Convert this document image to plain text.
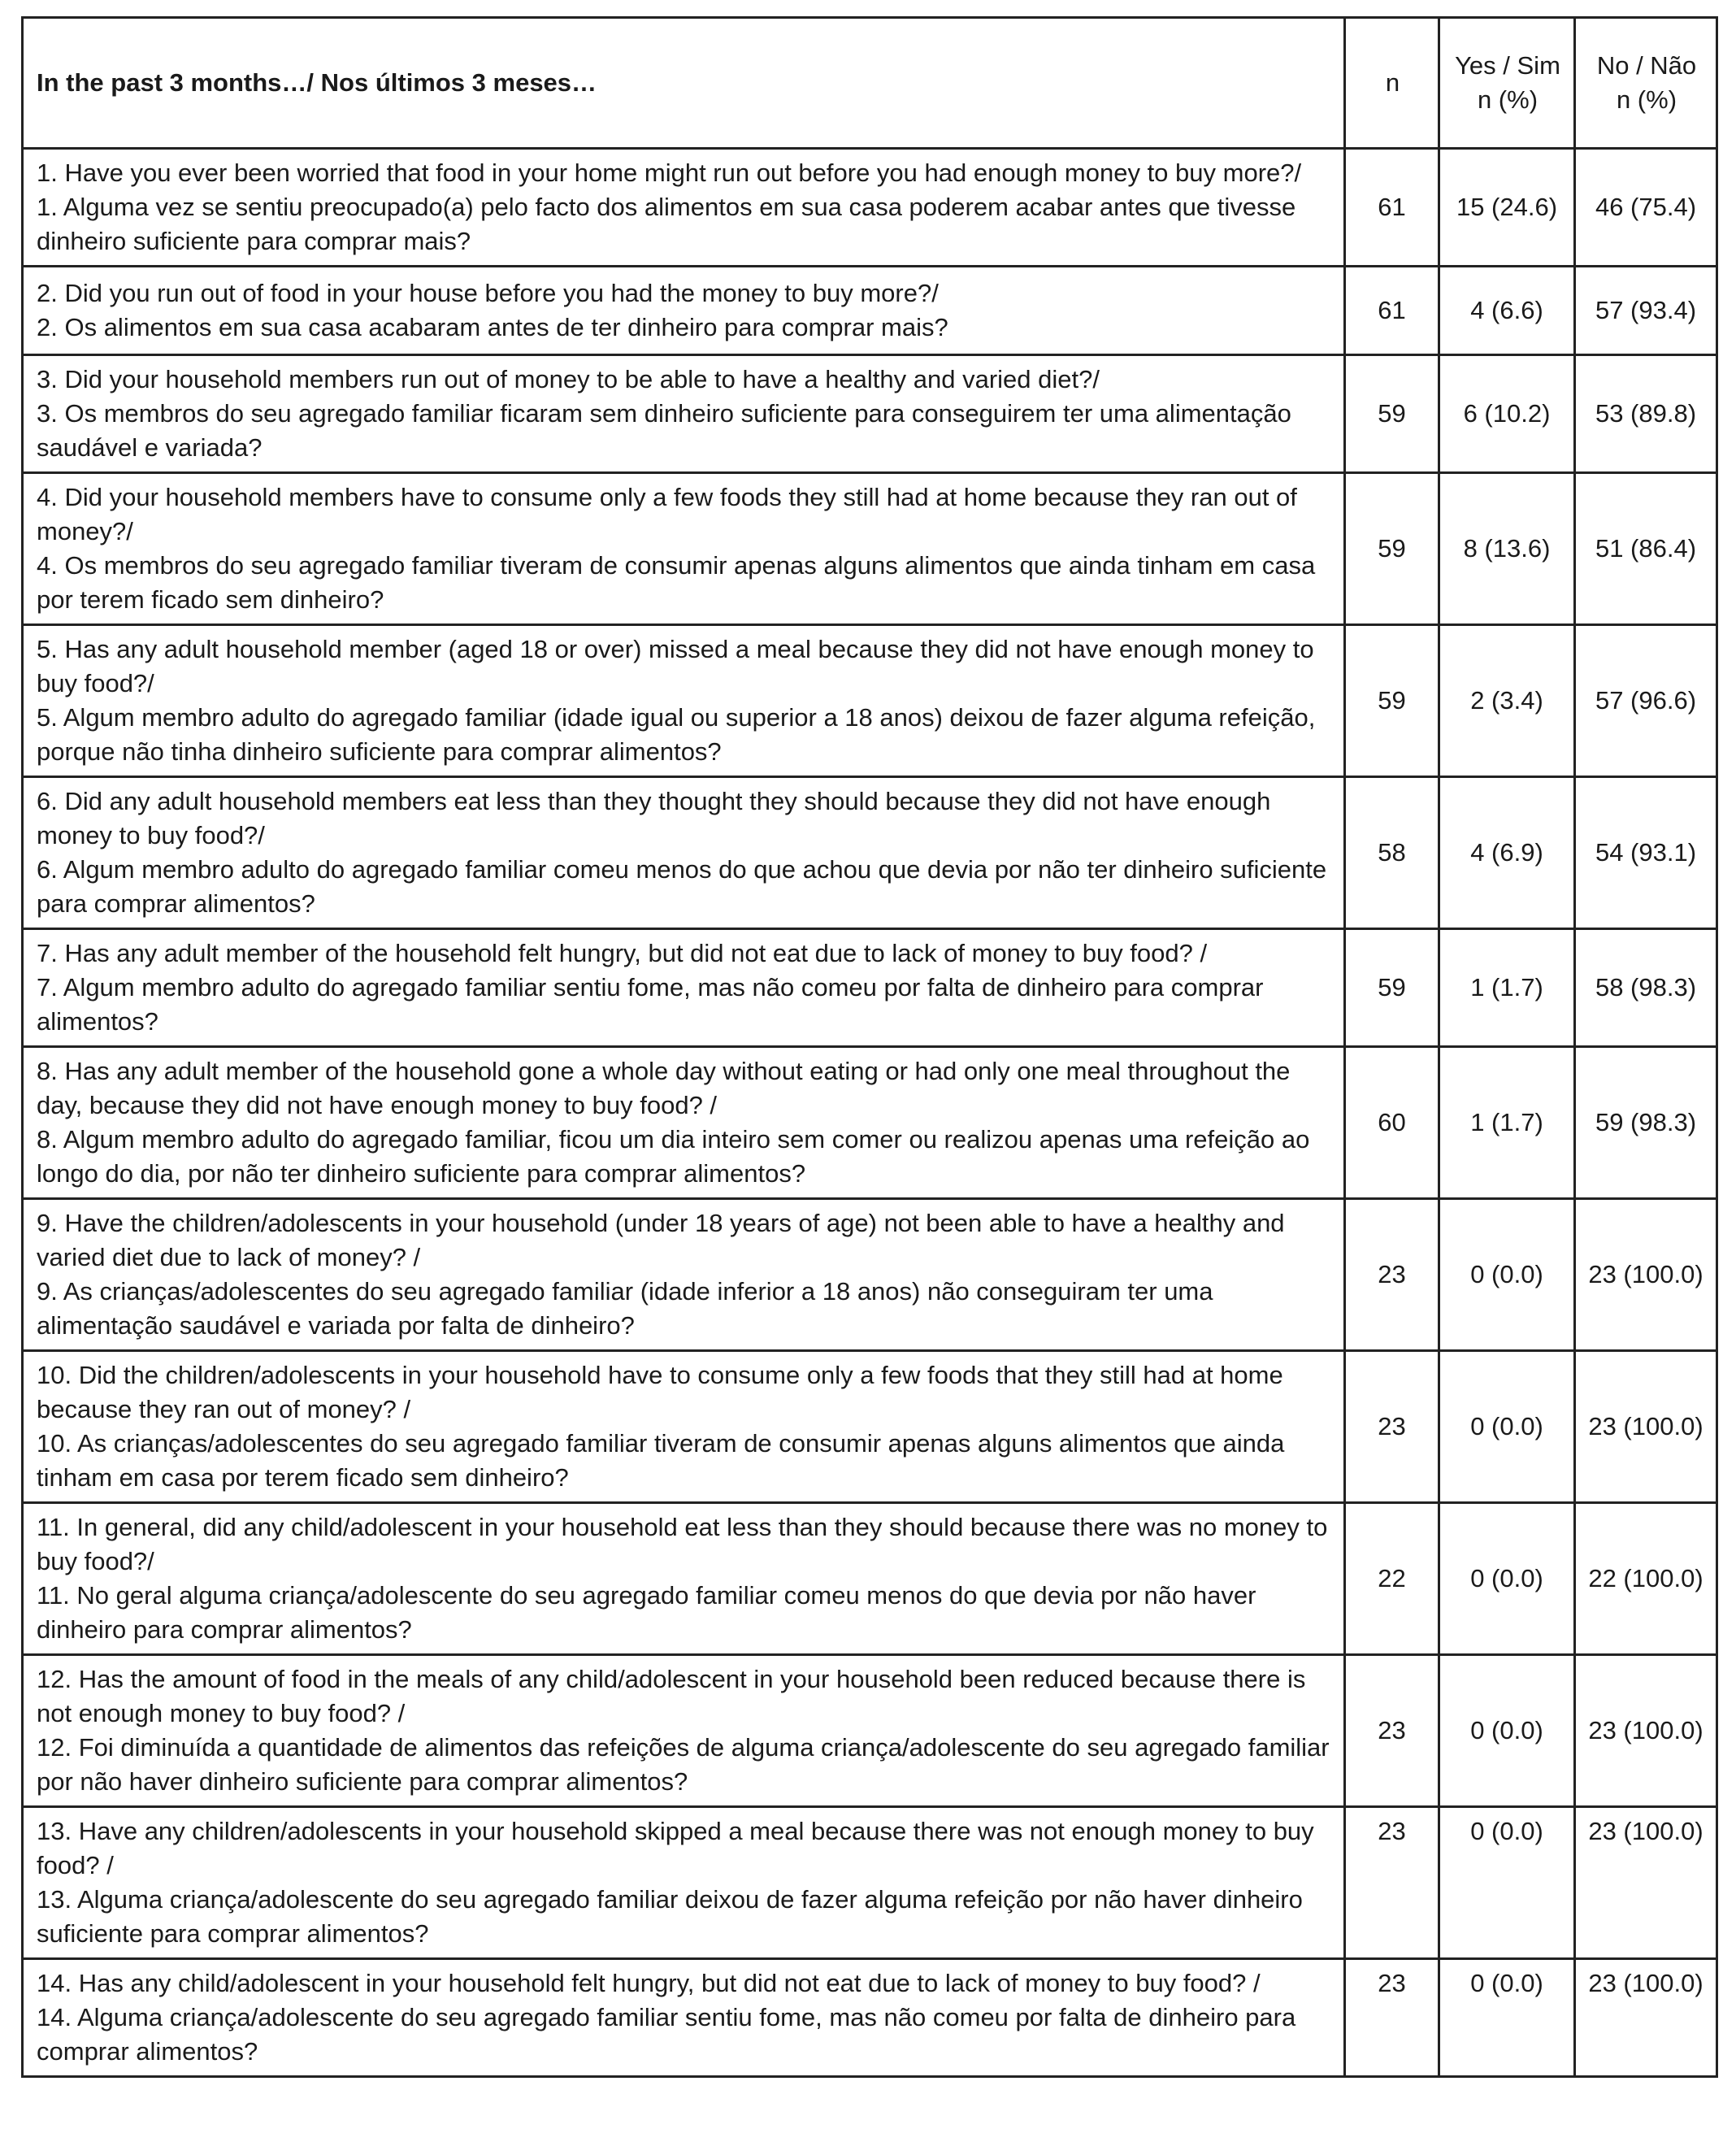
In the past 3 months…/ Nos últimos 3 meses…	n	Yes / Sim n (%)	No / Não n (%)

1. Have you ever been worried that food in your home might run out before you had enough money to buy more?/
1. Alguma vez se sentiu preocupado(a) pelo facto dos alimentos em sua casa poderem acabar antes que tivesse dinheiro suficiente para comprar mais?	61	15 (24.6)	46 (75.4)

2. Did you run out of food in your house before you had the money to buy more?/
2. Os alimentos em sua casa acabaram antes de ter dinheiro para comprar mais?	61	4 (6.6)	57 (93.4)

3. Did your household members run out of money to be able to have a healthy and varied diet?/
3. Os membros do seu agregado familiar ficaram sem dinheiro suficiente para conseguirem ter uma alimentação saudável e variada?	59	6 (10.2)	53 (89.8)

4. Did your household members have to consume only a few foods they still had at home because they ran out of money?/
4. Os membros do seu agregado familiar tiveram de consumir apenas alguns alimentos que ainda tinham em casa por terem ficado sem dinheiro?	59	8 (13.6)	51 (86.4)

5. Has any adult household member (aged 18 or over) missed a meal because they did not have enough money to buy food?/
5. Algum membro adulto do agregado familiar (idade igual ou superior a 18 anos) deixou de fazer alguma refeição, porque não tinha dinheiro suficiente para comprar alimentos?	59	2 (3.4)	57 (96.6)

6. Did any adult household members eat less than they thought they should because they did not have enough money to buy food?/
6. Algum membro adulto do agregado familiar comeu menos do que achou que devia por não ter dinheiro suficiente para comprar alimentos?	58	4 (6.9)	54 (93.1)

7. Has any adult member of the household felt hungry, but did not eat due to lack of money to buy food? /
7. Algum membro adulto do agregado familiar sentiu fome, mas não comeu por falta de dinheiro para comprar alimentos?	59	1 (1.7)	58 (98.3)

8. Has any adult member of the household gone a whole day without eating or had only one meal throughout the day, because they did not have enough money to buy food? /
8. Algum membro adulto do agregado familiar, ficou um dia inteiro sem comer ou realizou apenas uma refeição ao longo do dia, por não ter dinheiro suficiente para comprar alimentos?	60	1 (1.7)	59 (98.3)

9. Have the children/adolescents in your household (under 18 years of age) not been able to have a healthy and varied diet due to lack of money? /
9. As crianças/adolescentes do seu agregado familiar (idade inferior a 18 anos) não conseguiram ter uma alimentação saudável e variada por falta de dinheiro?	23	0 (0.0)	23 (100.0)

10. Did the children/adolescents in your household have to consume only a few foods that they still had at home because they ran out of money? /
10. As crianças/adolescentes do seu agregado familiar tiveram de consumir apenas alguns alimentos que ainda tinham em casa por terem ficado sem dinheiro?	23	0 (0.0)	23 (100.0)

11. In general, did any child/adolescent in your household eat less than they should because there was no money to buy food?/
11. No geral alguma criança/adolescente do seu agregado familiar comeu menos do que devia por não haver dinheiro para comprar alimentos?	22	0 (0.0)	22 (100.0)

12. Has the amount of food in the meals of any child/adolescent in your household been reduced because there is not enough money to buy food? /
12. Foi diminuída a quantidade de alimentos das refeições de alguma criança/adolescente do seu agregado familiar por não haver dinheiro suficiente para comprar alimentos?	23	0 (0.0)	23 (100.0)

13. Have any children/adolescents in your household skipped a meal because there was not enough money to buy food? /
13. Alguma criança/adolescente do seu agregado familiar deixou de fazer alguma refeição por não haver dinheiro suficiente para comprar alimentos?	23	0 (0.0)	23 (100.0)

14. Has any child/adolescent in your household felt hungry, but did not eat due to lack of money to buy food? /
14. Alguma criança/adolescente do seu agregado familiar sentiu fome, mas não comeu por falta de dinheiro para comprar alimentos?	23	0 (0.0)	23 (100.0)
